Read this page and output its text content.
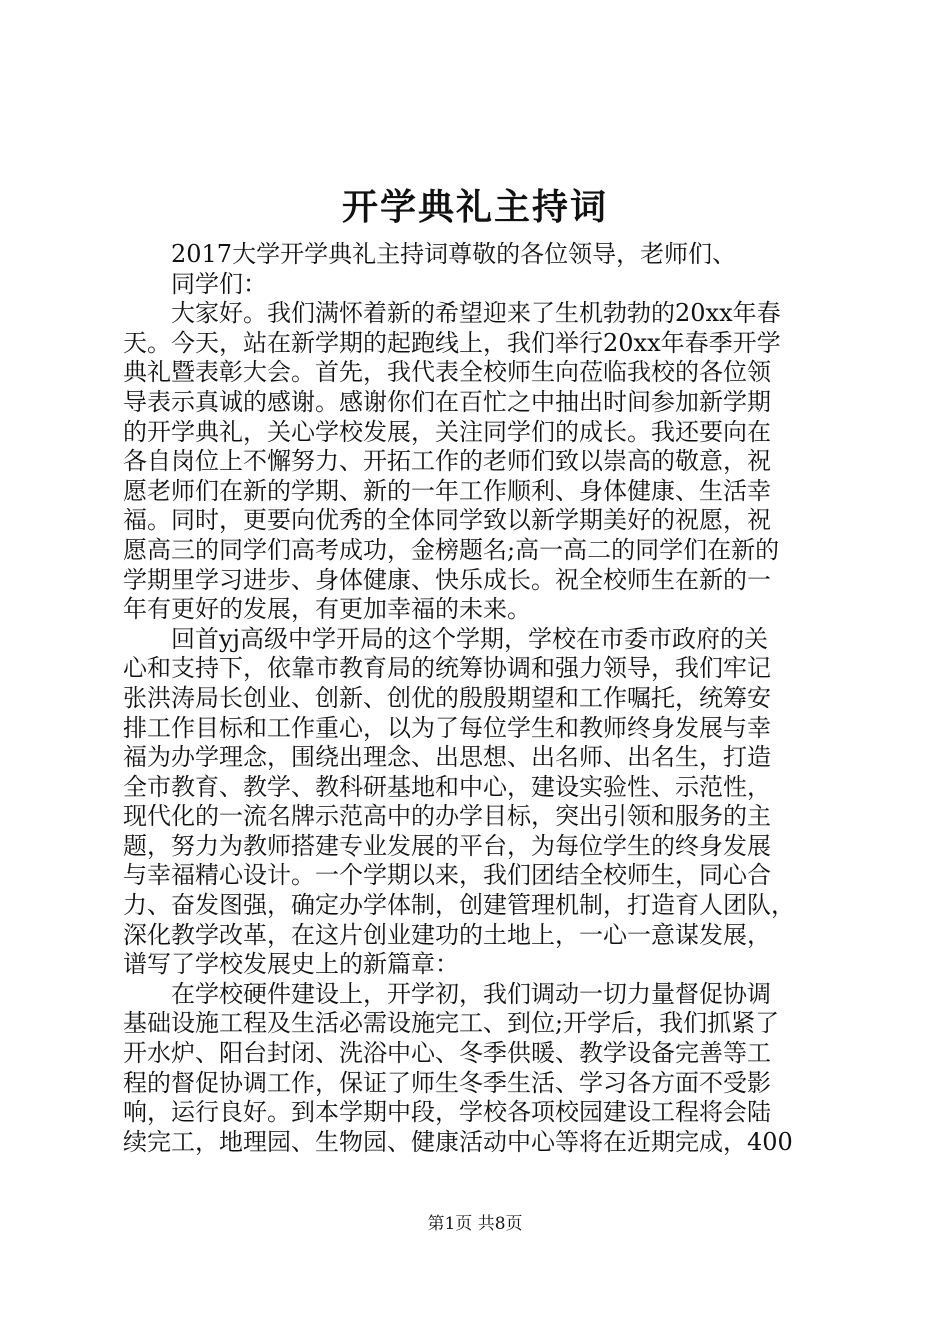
开学典礼主持词

2017大学开学典礼主持词尊敬的各位领导，老师们、
同学们：

大家好。我们满怀着新的希望迎来了生机勃勃的20xx年春
天。今天，站在新学期的起跑线上，我们举行20xx年春季开学
典礼暨表彰大会。首先，我代表全校师生向莅临我校的各位领
导表示真诚的感谢。感谢你们在百忙之中抽出时间参加新学期
的开学典礼，关心学校发展，关注同学们的成长。我还要向在
各自岗位上不懈努力、开拓工作的老师们致以崇高的敬意，祝
愿老师们在新的学期、新的一年工作顺利、身体健康、生活幸
福。同时，更要向优秀的全体同学致以新学期美好的祝愿，祝
愿高三的同学们高考成功，金榜题名;高一高二的同学们在新的
学期里学习进步、身体健康、快乐成长。祝全校师生在新的一
年有更好的发展，有更加幸福的未来。

回首yj高级中学开局的这个学期，学校在市委市政府的关
心和支持下，依靠市教育局的统筹协调和强力领导，我们牢记
张洪涛局长创业、创新、创优的殷殷期望和工作嘱托，统筹安
排工作目标和工作重心，以为了每位学生和教师终身发展与幸
福为办学理念，围绕出理念、出思想、出名师、出名生，打造
全市教育、教学、教科研基地和中心，建设实验性、示范性，
现代化的一流名牌示范高中的办学目标，突出引领和服务的主
题，努力为教师搭建专业发展的平台，为每位学生的终身发展
与幸福精心设计。一个学期以来，我们团结全校师生，同心合
力、奋发图强，确定办学体制，创建管理机制，打造育人团队，
深化教学改革，在这片创业建功的土地上，一心一意谋发展，
谱写了学校发展史上的新篇章：

在学校硬件建设上，开学初，我们调动一切力量督促协调
基础设施工程及生活必需设施完工、到位;开学后，我们抓紧了
开水炉、阳台封闭、洗浴中心、冬季供暖、教学设备完善等工
程的督促协调工作，保证了师生冬季生活、学习各方面不受影
响，运行良好。到本学期中段，学校各项校园建设工程将会陆
续完工，地理园、生物园、健康活动中心等将在近期完成，400

第1页 共8页
